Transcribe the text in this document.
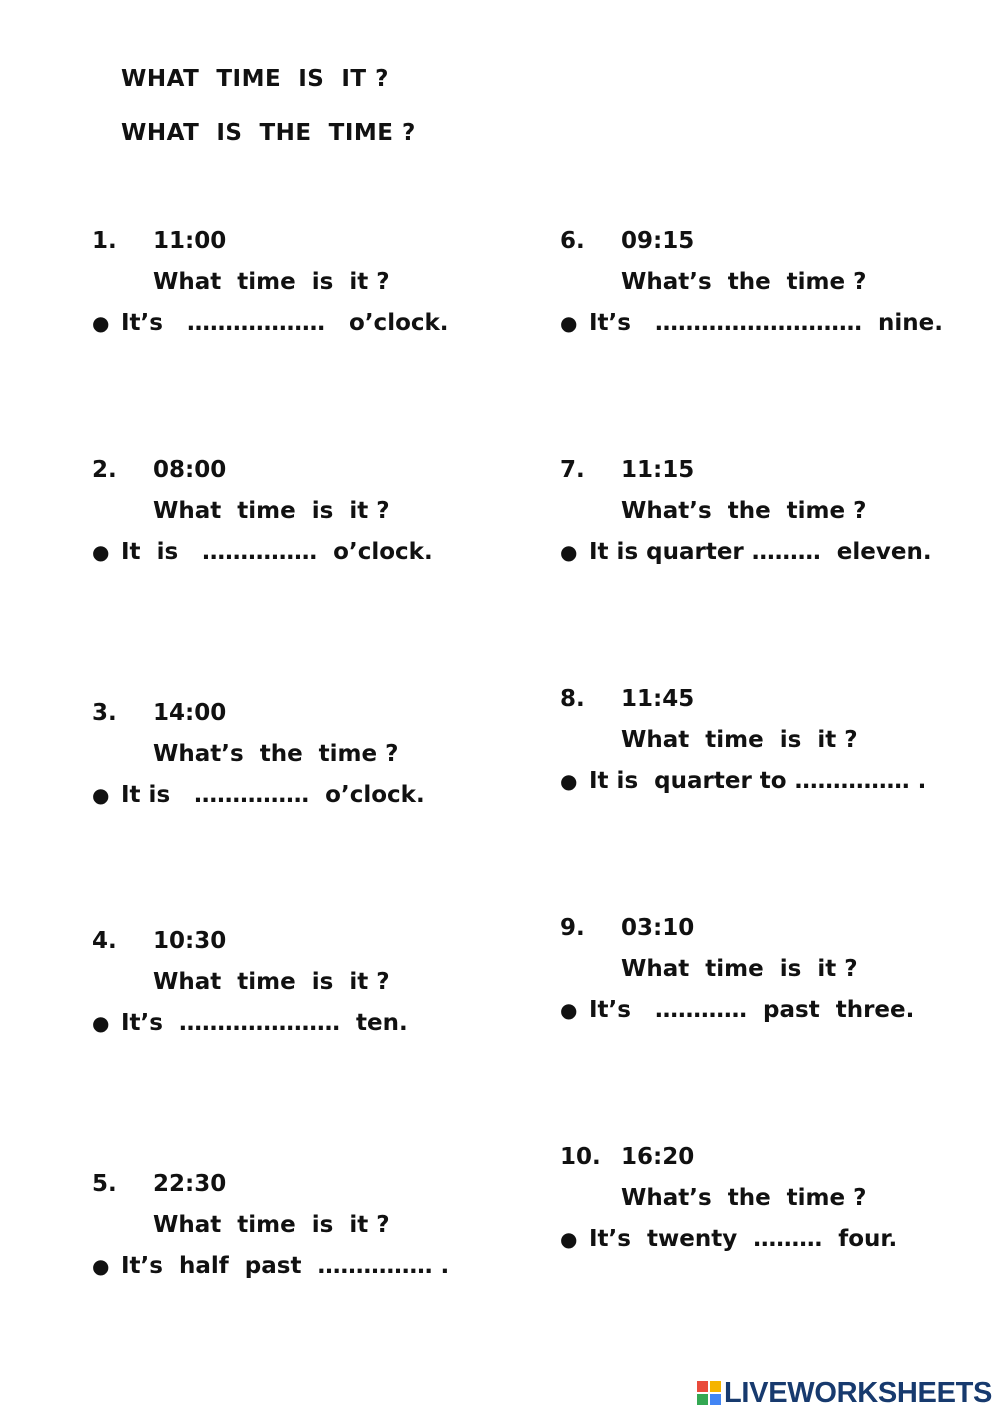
WHAT  TIME  IS  IT ?
WHAT  IS  THE  TIME ?
1. 11:00
What  time  is  it ?
● It’s   ………………   o’clock.
2. 08:00
What  time  is  it ?
● It  is   ……………  o’clock.
3. 14:00
What’s  the  time ?
● It is   ……………  o’clock.
4. 10:30
What  time  is  it ?
● It’s  …………………  ten.
5. 22:30
What  time  is  it ?
● It’s  half  past  …………… .
6. 09:15
What’s  the  time ?
● It’s   ………………………  nine.
7. 11:15
What’s  the  time ?
● It is quarter ………  eleven.
8. 11:45
What  time  is  it ?
● It is  quarter to …………… .
9. 03:10
What  time  is  it ?
● It’s   …………  past  three.
10. 16:20
What’s  the  time ?
● It’s  twenty  ………  four.
LIVEWORKSHEETS
